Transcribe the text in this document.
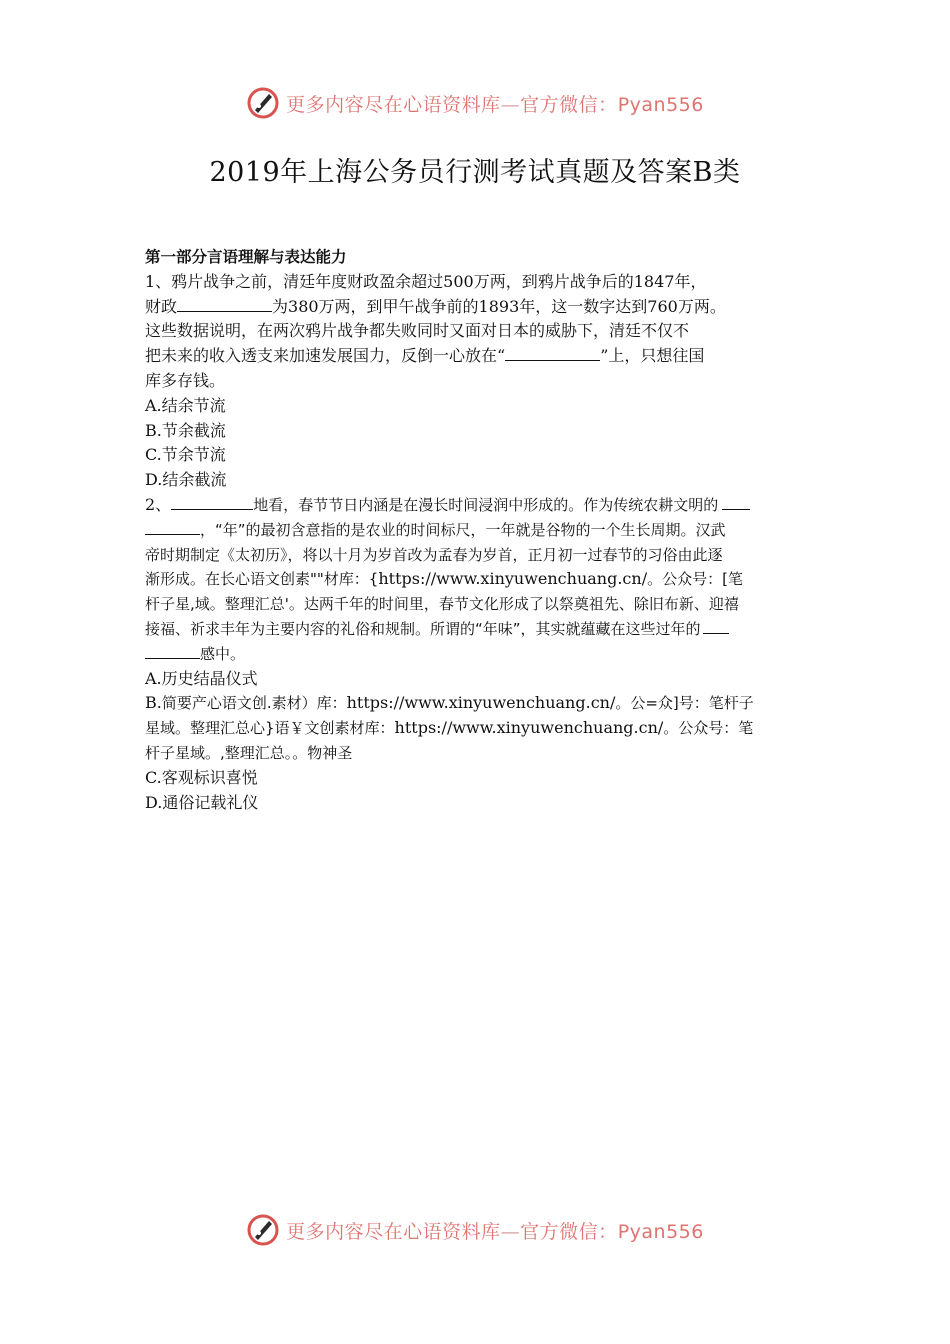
更多内容尽在心语资料库—官方微信：Pyan556
2019年上海公务员行测考试真题及答案B类

第一部分言语理解与表达能力

1、鸦片战争之前，清廷年度财政盈余超过500万两，到鸦片战争后的1847年，

财政	为380万两，到甲午战争前的1893年，这一数字达到760万两。

这些数据说明，在两次鸦片战争都失败同时又面对日本的威胁下，清廷不仅不

把未来的收入透支来加速发展国力，反倒一心放在“	”上，只想往国

库多存钱。

A.结余节流

B.节余截流

C.节余节流

D.结余截流

2、	地看，春节节日内涵是在漫长时间浸润中形成的。作为传统农耕文明的

，“年”的最初含意指的是农业的时间标尺，一年就是谷物的一个生长周期。汉武

帝时期制定《太初历》，将以十月为岁首改为孟春为岁首，正月初一过春节的习俗由此逐

渐形成。在长心语文创素""材库：{https://www.xinyuwenchuang.cn/。公众号：[笔

杆子星,域。整理汇总'。达两千年的时间里，春节文化形成了以祭奠祖先、除旧布新、迎禧

接福、祈求丰年为主要内容的礼俗和规制。所谓的“年味”，其实就蕴藏在这些过年的

感中。

A.历史结晶仪式

B.简要产心语文创.素材）库：https://www.xinyuwenchuang.cn/。公=众]号：笔杆子

星域。整理汇总心}语￥文创素材库：https://www.xinyuwenchuang.cn/。公众号：笔

杆子星域。,整理汇总。。物神圣

C.客观标识喜悦

D.通俗记载礼仪

更多内容尽在心语资料库—官方微信：Pyan556
